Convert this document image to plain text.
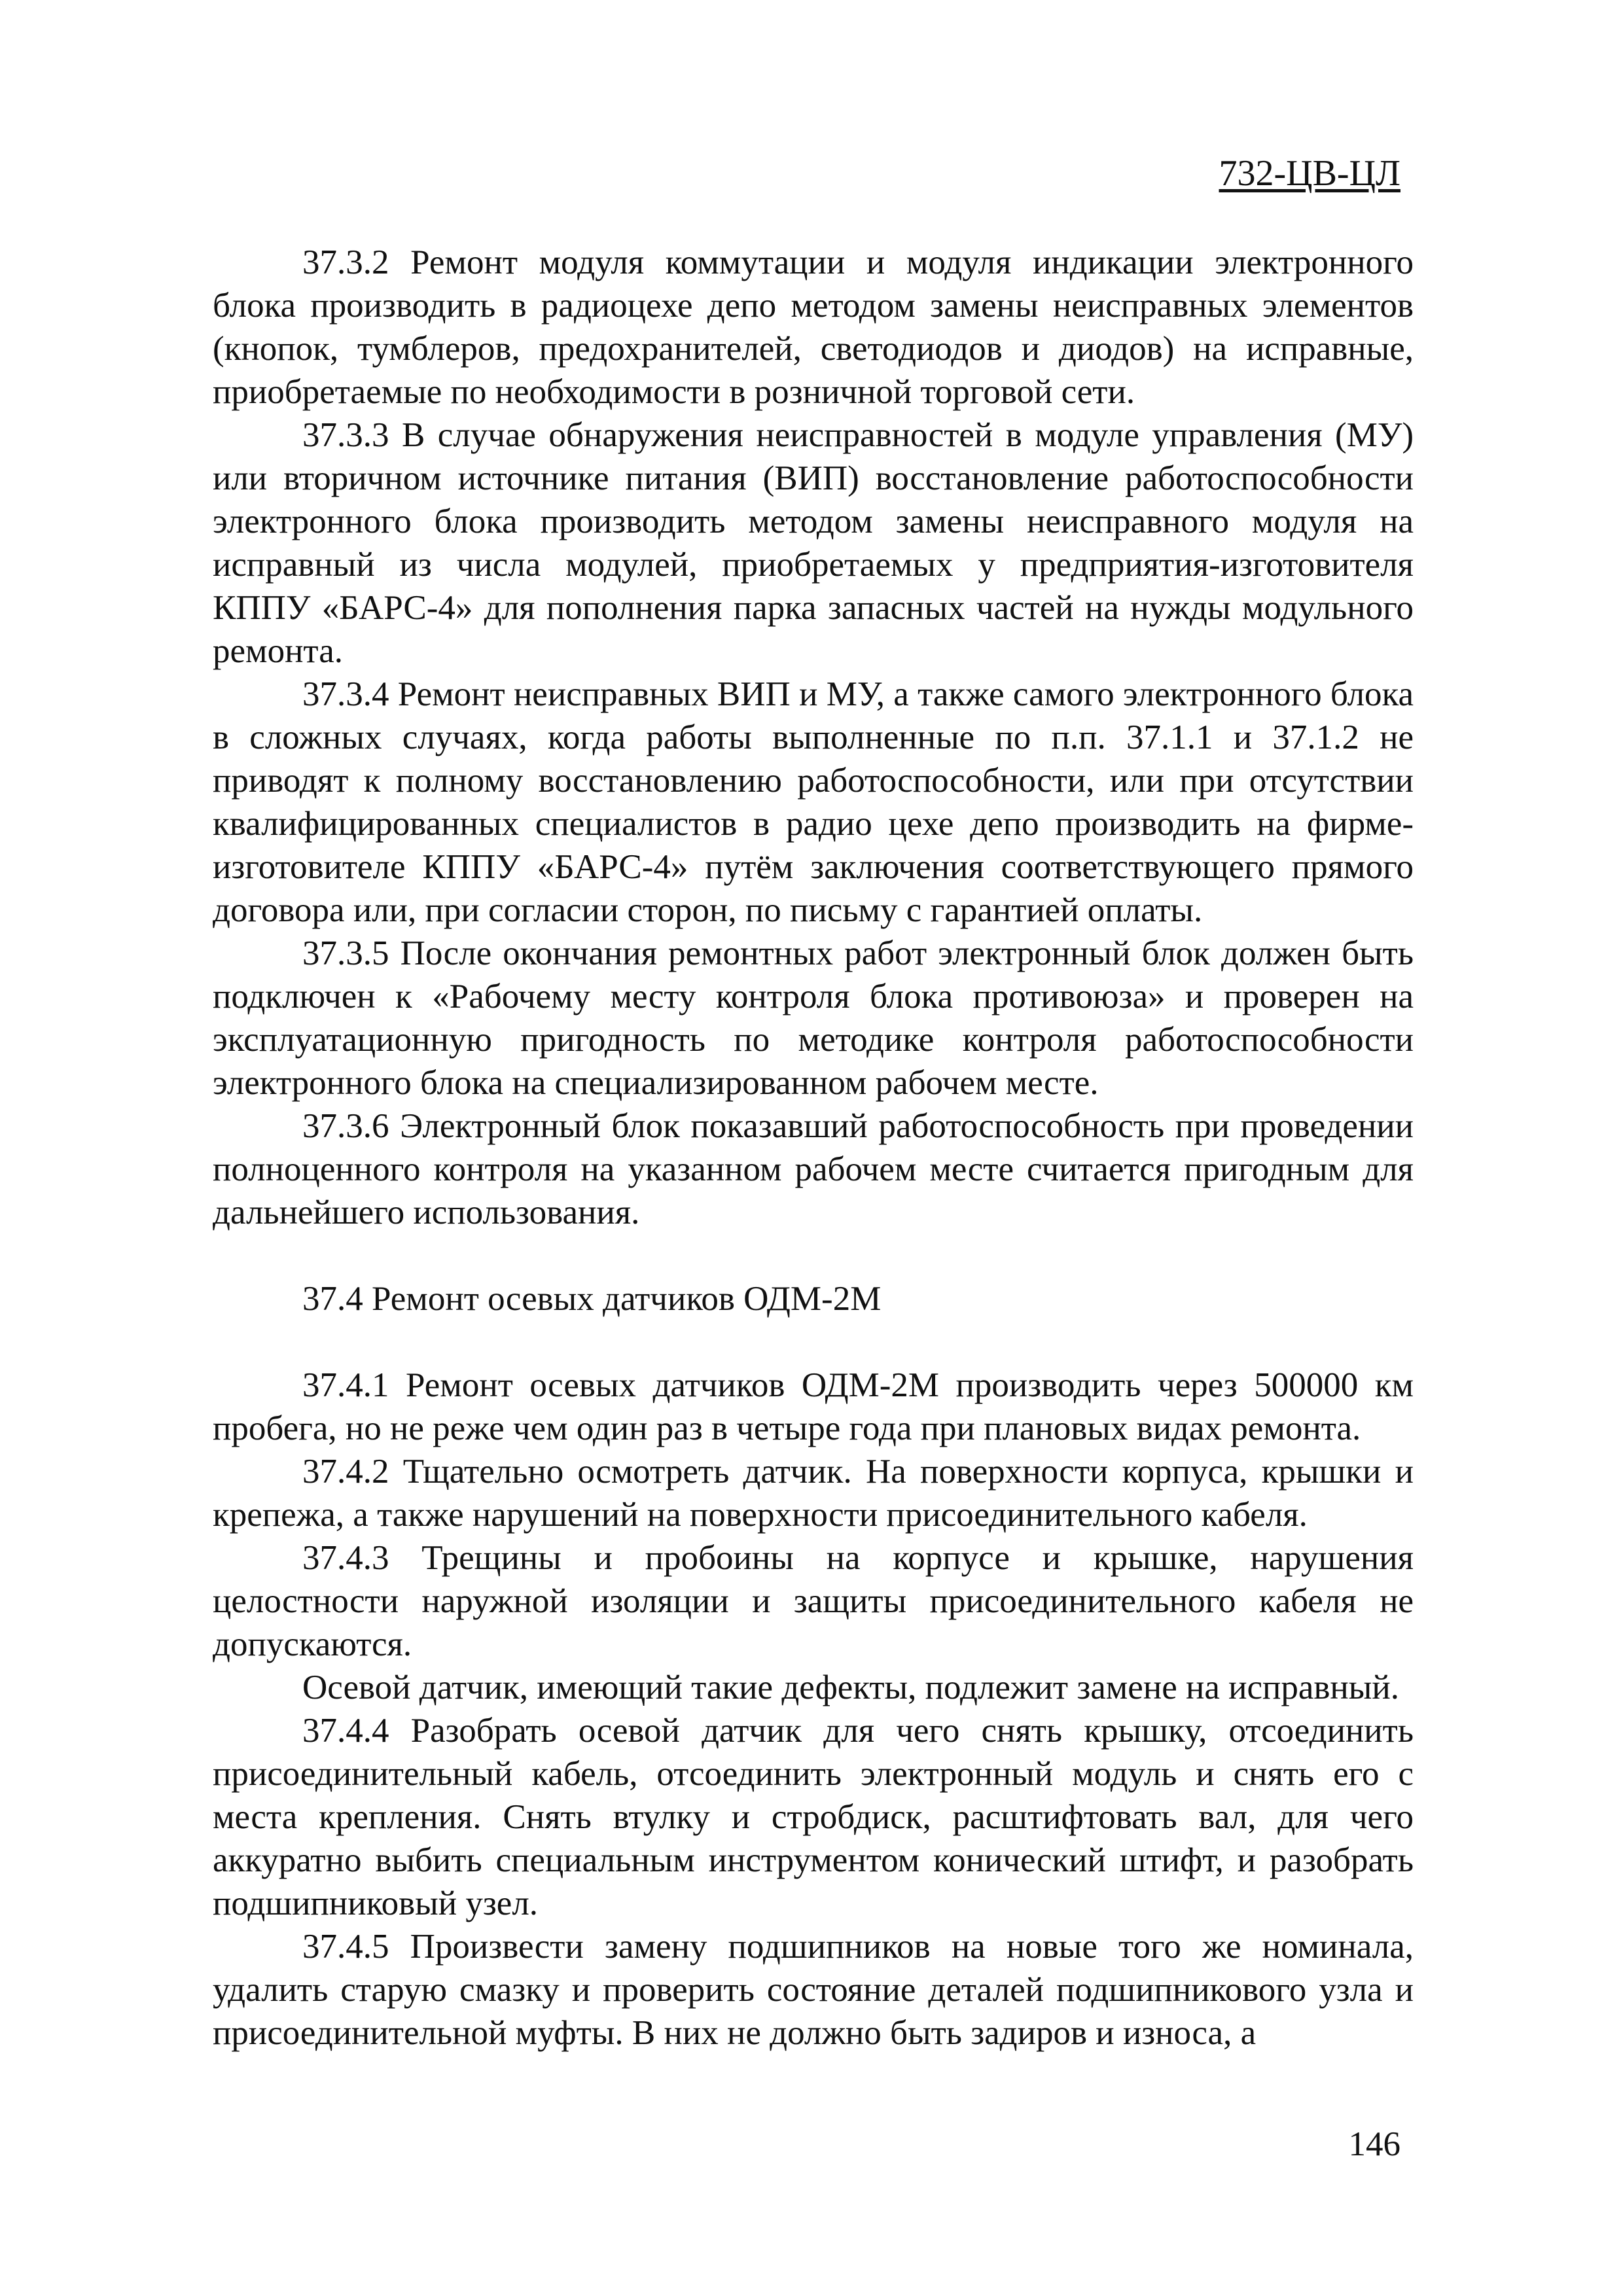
732-ЦВ-ЦЛ

37.3.2 Ремонт модуля коммутации и модуля индикации электронного блока производить в радиоцехе депо методом замены неисправных элементов (кнопок, тумблеров, предохранителей, светодиодов и диодов) на исправные, приобретаемые по необходимости в розничной торговой сети.

37.3.3 В случае обнаружения неисправностей в модуле управления (МУ) или вторичном источнике питания (ВИП) восстановление работоспособности электронного блока производить методом замены неисправного модуля на исправный из числа модулей, приобретаемых у предприятия-изготовителя КППУ «БАРС-4» для пополнения парка запасных частей на нужды модульного ремонта.

37.3.4 Ремонт неисправных ВИП и МУ, а также самого электронного блока в сложных случаях, когда работы выполненные по п.п. 37.1.1 и 37.1.2 не приводят к полному восстановлению работоспособности, или при отсутствии квалифицированных специалистов в радио цехе депо производить на фирме-изготовителе КППУ «БАРС-4» путём заключения соответствующего прямого договора или, при согласии сторон, по письму с гарантией оплаты.

37.3.5 После окончания ремонтных работ электронный блок должен быть подключен к «Рабочему месту контроля блока противоюза» и проверен на эксплуатационную пригодность по методике контроля работоспособности электронного блока на специализированном рабочем месте.

37.3.6 Электронный блок показавший работоспособность при проведении полноценного контроля на указанном рабочем месте считается пригодным для дальнейшего использования.

37.4 Ремонт осевых датчиков ОДМ-2М

37.4.1 Ремонт осевых датчиков ОДМ-2М производить через 500000 км пробега, но не реже чем один раз в четыре года при плановых видах ремонта.

37.4.2 Тщательно осмотреть датчик. На поверхности корпуса, крышки и крепежа, а также нарушений на поверхности присоединительного кабеля.

37.4.3 Трещины и пробоины на корпусе и крышке, нарушения целостности наружной изоляции и защиты присоединительного кабеля не допускаются.

Осевой датчик, имеющий такие дефекты, подлежит замене на исправный.

37.4.4 Разобрать осевой датчик для чего снять крышку, отсоединить присоединительный кабель, отсоединить электронный модуль и снять его с места крепления. Снять втулку и стробдиск, расштифтовать вал, для чего аккуратно выбить специальным инструментом конический штифт, и разобрать подшипниковый узел.

37.4.5 Произвести замену подшипников на новые того же номинала, удалить старую смазку и проверить состояние деталей подшипникового узла и присоединительной муфты. В них не должно быть задиров и износа, а

146
